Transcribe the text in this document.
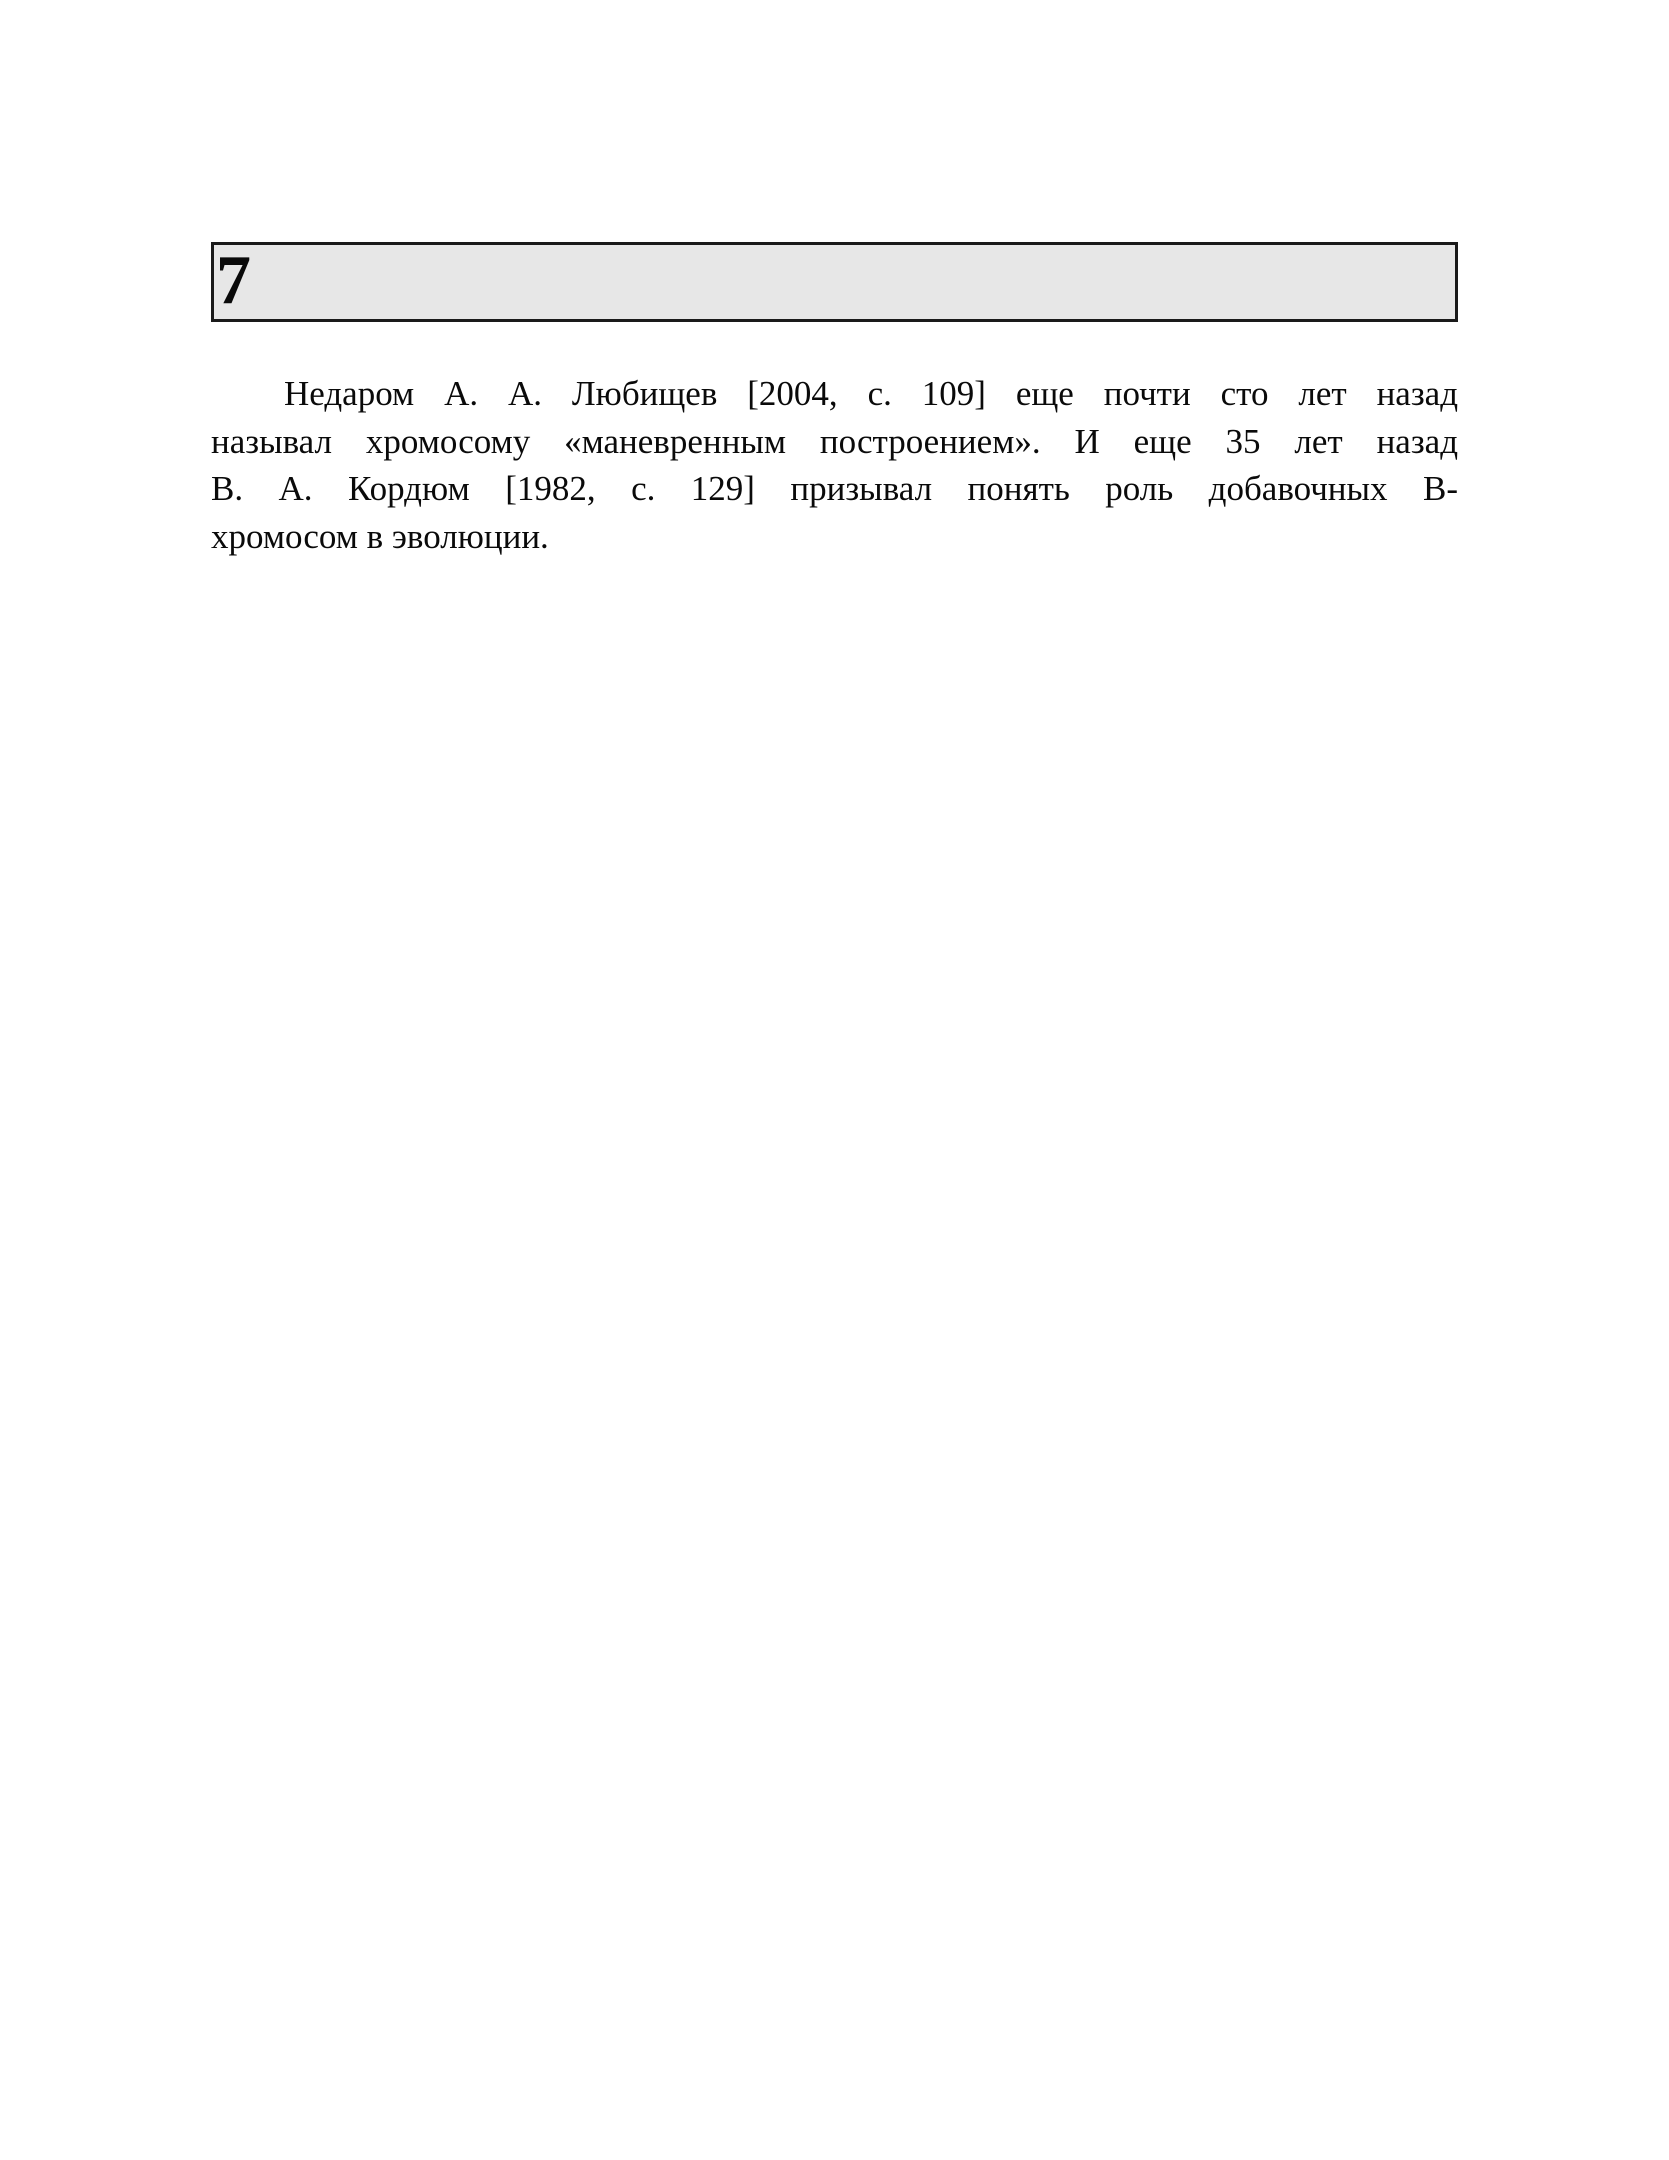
7
Недаром А. А. Любищев [2004, с. 109] еще почти сто лет назад
называл хромосому «маневренным построением». И еще 35 лет назад
В. А. Кордюм [1982, с. 129] призывал понять роль добавочных В-
хромосом в эволюции.
